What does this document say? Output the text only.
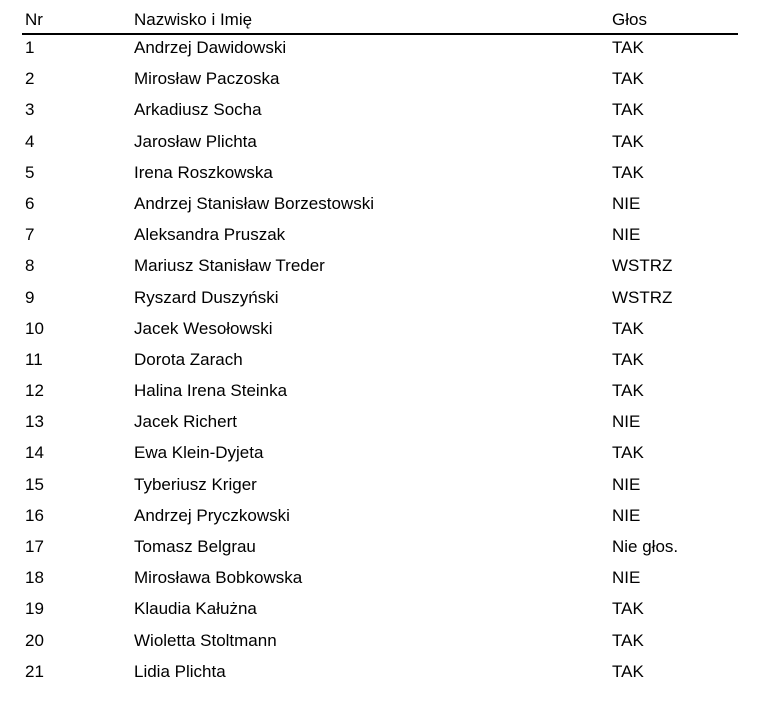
Nr	Nazwisko i Imię	Głos
1	Andrzej Dawidowski	TAK
2	Mirosław Paczoska	TAK
3	Arkadiusz Socha	TAK
4	Jarosław Plichta	TAK
5	Irena Roszkowska	TAK
6	Andrzej Stanisław Borzestowski	NIE
7	Aleksandra Pruszak	NIE
8	Mariusz Stanisław Treder	WSTRZ
9	Ryszard Duszyński	WSTRZ
10	Jacek Wesołowski	TAK
11	Dorota Zarach	TAK
12	Halina Irena Steinka	TAK
13	Jacek Richert	NIE
14	Ewa Klein-Dyjeta	TAK
15	Tyberiusz Kriger	NIE
16	Andrzej Pryczkowski	NIE
17	Tomasz Belgrau	Nie głos.
18	Mirosława Bobkowska	NIE
19	Klaudia Kałużna	TAK
20	Wioletta Stoltmann	TAK
21	Lidia Plichta	TAK
